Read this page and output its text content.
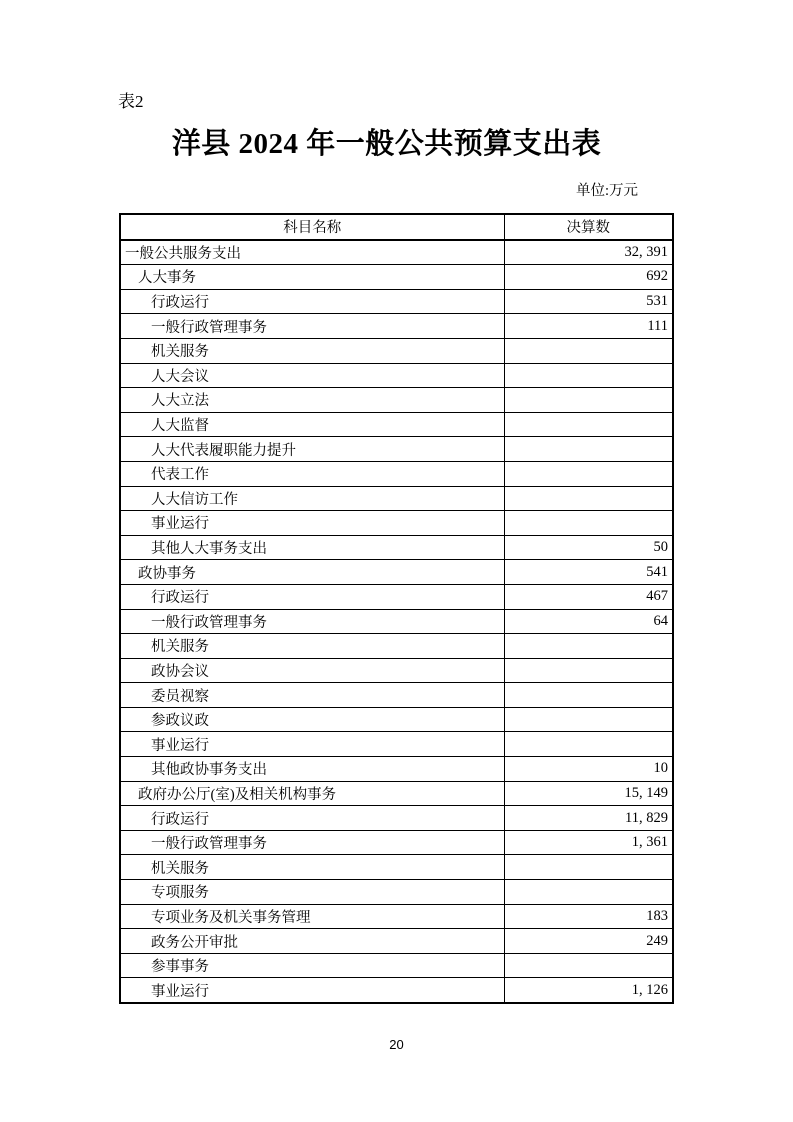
表2
洋县 2024 年一般公共预算支出表
单位:万元
科目名称	决算数
一般公共服务支出	32, 391
人大事务	692
行政运行	531
一般行政管理事务	111
机关服务	
人大会议	
人大立法	
人大监督	
人大代表履职能力提升	
代表工作	
人大信访工作	
事业运行	
其他人大事务支出	50
政协事务	541
行政运行	467
一般行政管理事务	64
机关服务	
政协会议	
委员视察	
参政议政	
事业运行	
其他政协事务支出	10
政府办公厅(室)及相关机构事务	15, 149
行政运行	11, 829
一般行政管理事务	1, 361
机关服务	
专项服务	
专项业务及机关事务管理	183
政务公开审批	249
参事事务	
事业运行	1, 126
20
